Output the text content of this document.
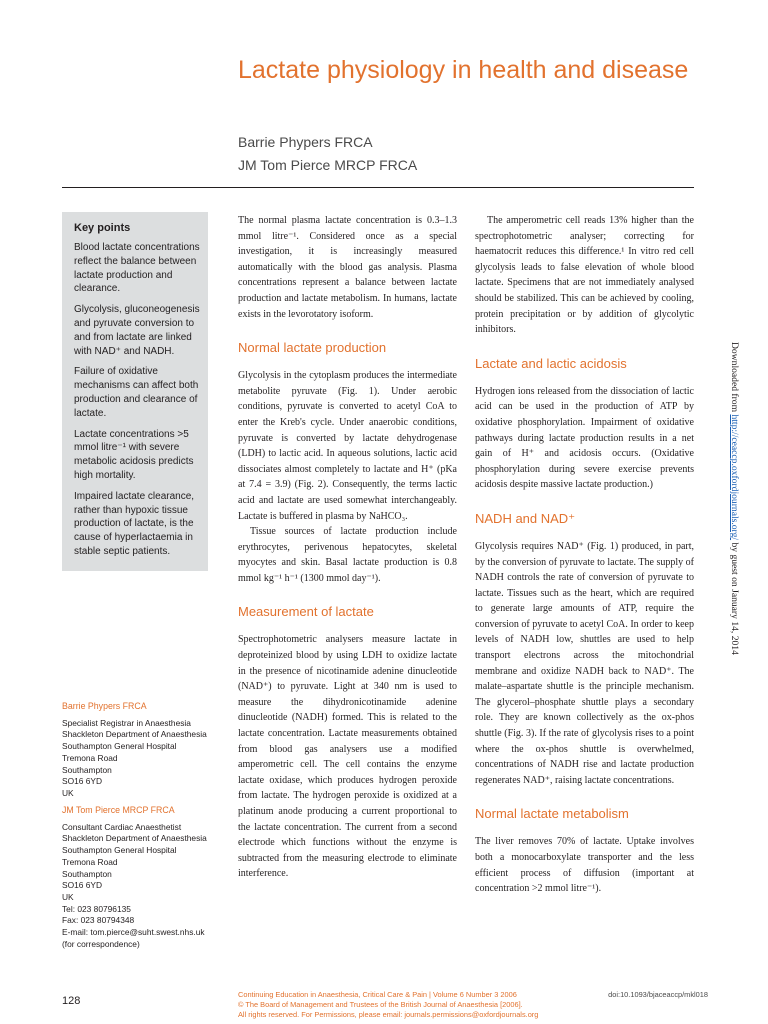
Lactate physiology in health and disease
Barrie Phypers FRCA
JM Tom Pierce MRCP FRCA
Key points

Blood lactate concentrations reflect the balance between lactate production and clearance.

Glycolysis, gluconeogenesis and pyruvate conversion to and from lactate are linked with NAD⁺ and NADH.

Failure of oxidative mechanisms can affect both production and clearance of lactate.

Lactate concentrations >5 mmol litre⁻¹ with severe metabolic acidosis predicts high mortality.

Impaired lactate clearance, rather than hypoxic tissue production of lactate, is the cause of hyperlactaemia in stable septic patients.

Barrie Phypers FRCA
Specialist Registrar in Anaesthesia
Shackleton Department of Anaesthesia
Southampton General Hospital
Tremona Road
Southampton
SO16 6YD
UK
JM Tom Pierce MRCP FRCA
Consultant Cardiac Anaesthetist
Shackleton Department of Anaesthesia
Southampton General Hospital
Tremona Road
Southampton
SO16 6YD
UK
Tel: 023 80796135
Fax: 023 80794348
E-mail: tom.pierce@suht.swest.nhs.uk
(for correspondence)

The normal plasma lactate concentration is 0.3–1.3 mmol litre⁻¹. Considered once as a special investigation, it is increasingly measured automatically with the blood gas analysis. Plasma concentrations represent a balance between lactate production and lactate metabolism. In humans, lactate exists in the levorotatory isoform.

Normal lactate production

Glycolysis in the cytoplasm produces the intermediate metabolite pyruvate (Fig. 1). Under aerobic conditions, pyruvate is converted to acetyl CoA to enter the Kreb's cycle. Under anaerobic conditions, pyruvate is converted by lactate dehydrogenase (LDH) to lactic acid. In aqueous solutions, lactic acid dissociates almost completely to lactate and H⁺ (pKa at 7.4 = 3.9) (Fig. 2). Consequently, the terms lactic acid and lactate are used somewhat interchangeably. Lactate is buffered in plasma by NaHCO₃.

Tissue sources of lactate production include erythrocytes, perivenous hepatocytes, skeletal myocytes and skin. Basal lactate production is 0.8 mmol kg⁻¹ h⁻¹ (1300 mmol day⁻¹).

Measurement of lactate

Spectrophotometric analysers measure lactate in deproteinized blood by using LDH to oxidize lactate in the presence of nicotinamide adenine dinucleotide (NAD⁺) to pyruvate. Light at 340 nm is used to measure the dihydronicotinamide adenine dinucleotide (NADH) formed. This is related to the lactate concentration. Lactate measurements obtained from blood gas analysers use a modified amperometric cell. The cell contains the enzyme lactate oxidase, which produces hydrogen peroxide from lactate. The hydrogen peroxide is oxidized at a platinum anode producing a current proportional to the lactate concentration. The current from a second electrode which functions without the enzyme is subtracted from the measuring electrode to eliminate interference.

The amperometric cell reads 13% higher than the spectrophotometric analyser; correcting for haematocrit reduces this difference.¹ In vitro red cell glycolysis leads to false elevation of whole blood lactate. Specimens that are not immediately analysed should be stabilized. This can be achieved by cooling, protein precipitation or by addition of glycolytic inhibitors.

Lactate and lactic acidosis

Hydrogen ions released from the dissociation of lactic acid can be used in the production of ATP by oxidative phosphorylation. Impairment of oxidative pathways during lactate production results in a net gain of H⁺ and acidosis occurs. (Oxidative phosphorylation during severe exercise prevents acidosis despite massive lactate production.)

NADH and NAD⁺

Glycolysis requires NAD⁺ (Fig. 1) produced, in part, by the conversion of pyruvate to lactate. The supply of NADH controls the rate of conversion of pyruvate to lactate. Tissues such as the heart, which are required to generate large amounts of ATP, require the conversion of pyruvate to acetyl CoA. In order to keep levels of NADH low, shuttles are used to help transport electrons across the mitochondrial membrane and oxidize NADH back to NAD⁺. The malate–aspartate shuttle is the principle mechanism. The glycerol–phosphate shuttle plays a secondary role. They are known collectively as the ox-phos shuttle (Fig. 3). If the rate of glycolysis rises to a point where the ox-phos shuttle is overwhelmed, concentrations of NADH rise and lactate production regenerates NAD⁺, raising lactate concentrations.

Normal lactate metabolism

The liver removes 70% of lactate. Uptake involves both a monocarboxylate transporter and the less efficient process of diffusion (important at concentration >2 mmol litre⁻¹).

128
Continuing Education in Anaesthesia, Critical Care & Pain | Volume 6 Number 3 2006	doi:10.1093/bjaceaccp/mkl018
© The Board of Management and Trustees of the British Journal of Anaesthesia [2006].
All rights reserved. For Permissions, please email: journals.permissions@oxfordjournals.org
Downloaded from http://ceaccp.oxfordjournals.org/ by guest on January 14, 2014
